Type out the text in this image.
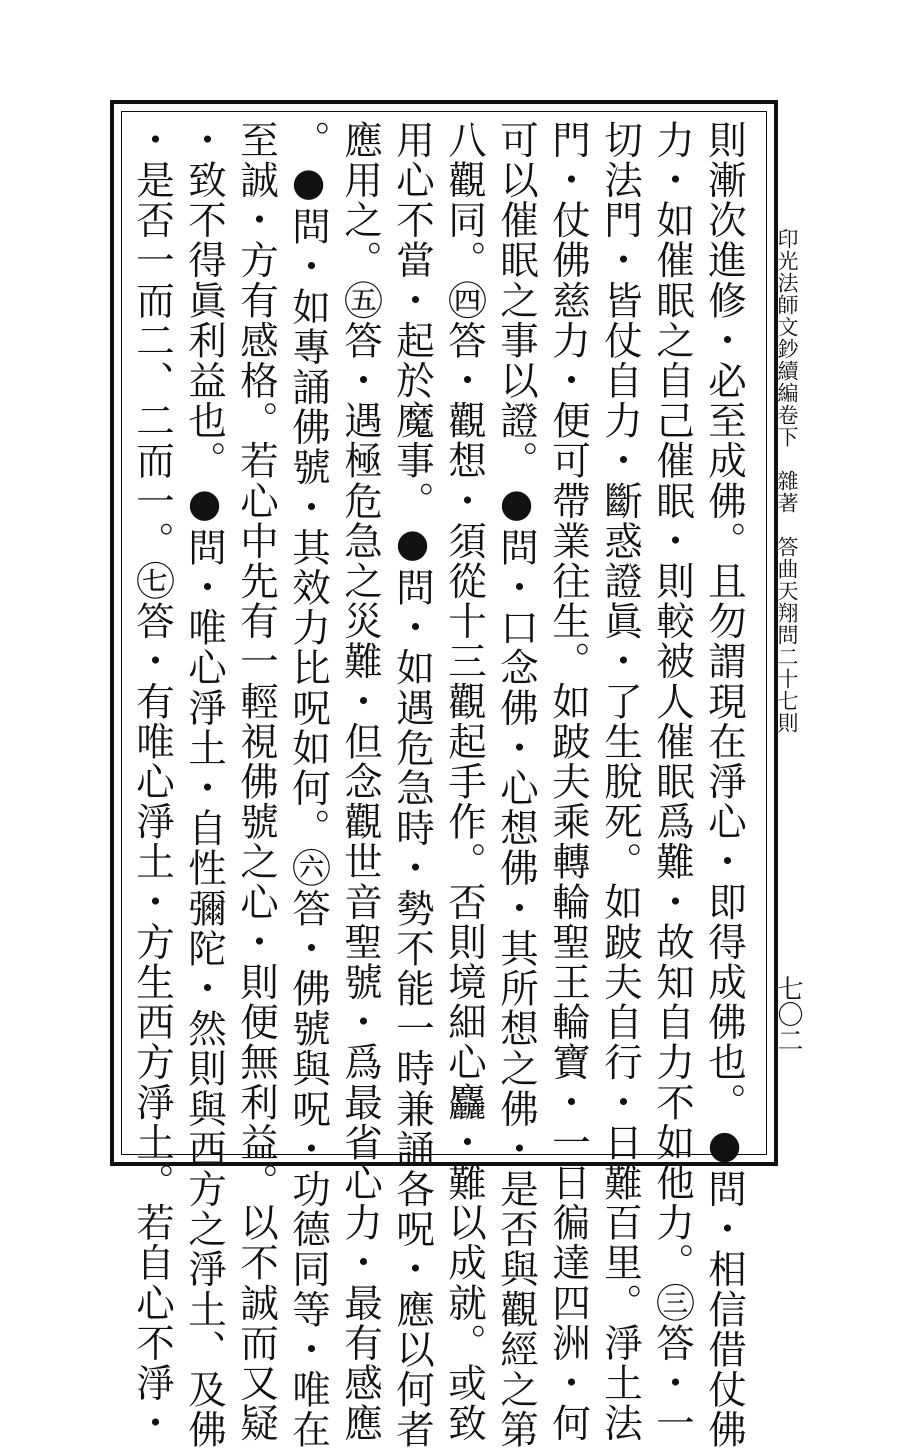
印光法師文鈔續編卷下　雜著　答曲天翔問二十七則
七〇二
則漸次進修・必至成佛。且勿謂現在淨心・即得成佛也。●問・相信借仗佛
力・如催眠之自己催眠・則較被人催眠爲難・故知自力不如他力。㊂答・一
切法門・皆仗自力・斷惑證眞・了生脫死。如跛夫自行・日難百里。淨土法
門・仗佛慈力・便可帶業往生。如跛夫乘轉輪聖王輪寶・一日徧達四洲・何
可以催眠之事以證。●問・口念佛・心想佛・其所想之佛・是否與觀經之第
八觀同。㊃答・觀想・須從十三觀起手作。否則境細心麤・難以成就。或致
用心不當・起於魔事。●問・如遇危急時・勢不能一時兼誦各呪・應以何者
應用之。㊄答・遇極危急之災難・但念觀世音聖號・爲最省心力・最有感應
。●問・如專誦佛號・其效力比呪如何。㊅答・佛號與呪・功德同等・唯在
至誠・方有感格。若心中先有一輕視佛號之心・則便無利益。以不誠而又疑
・致不得眞利益也。●問・唯心淨土・自性彌陀・然則與西方之淨土、及佛
・是否一而二、二而一。㊆答・有唯心淨土・方生西方淨土。若自心不淨・
